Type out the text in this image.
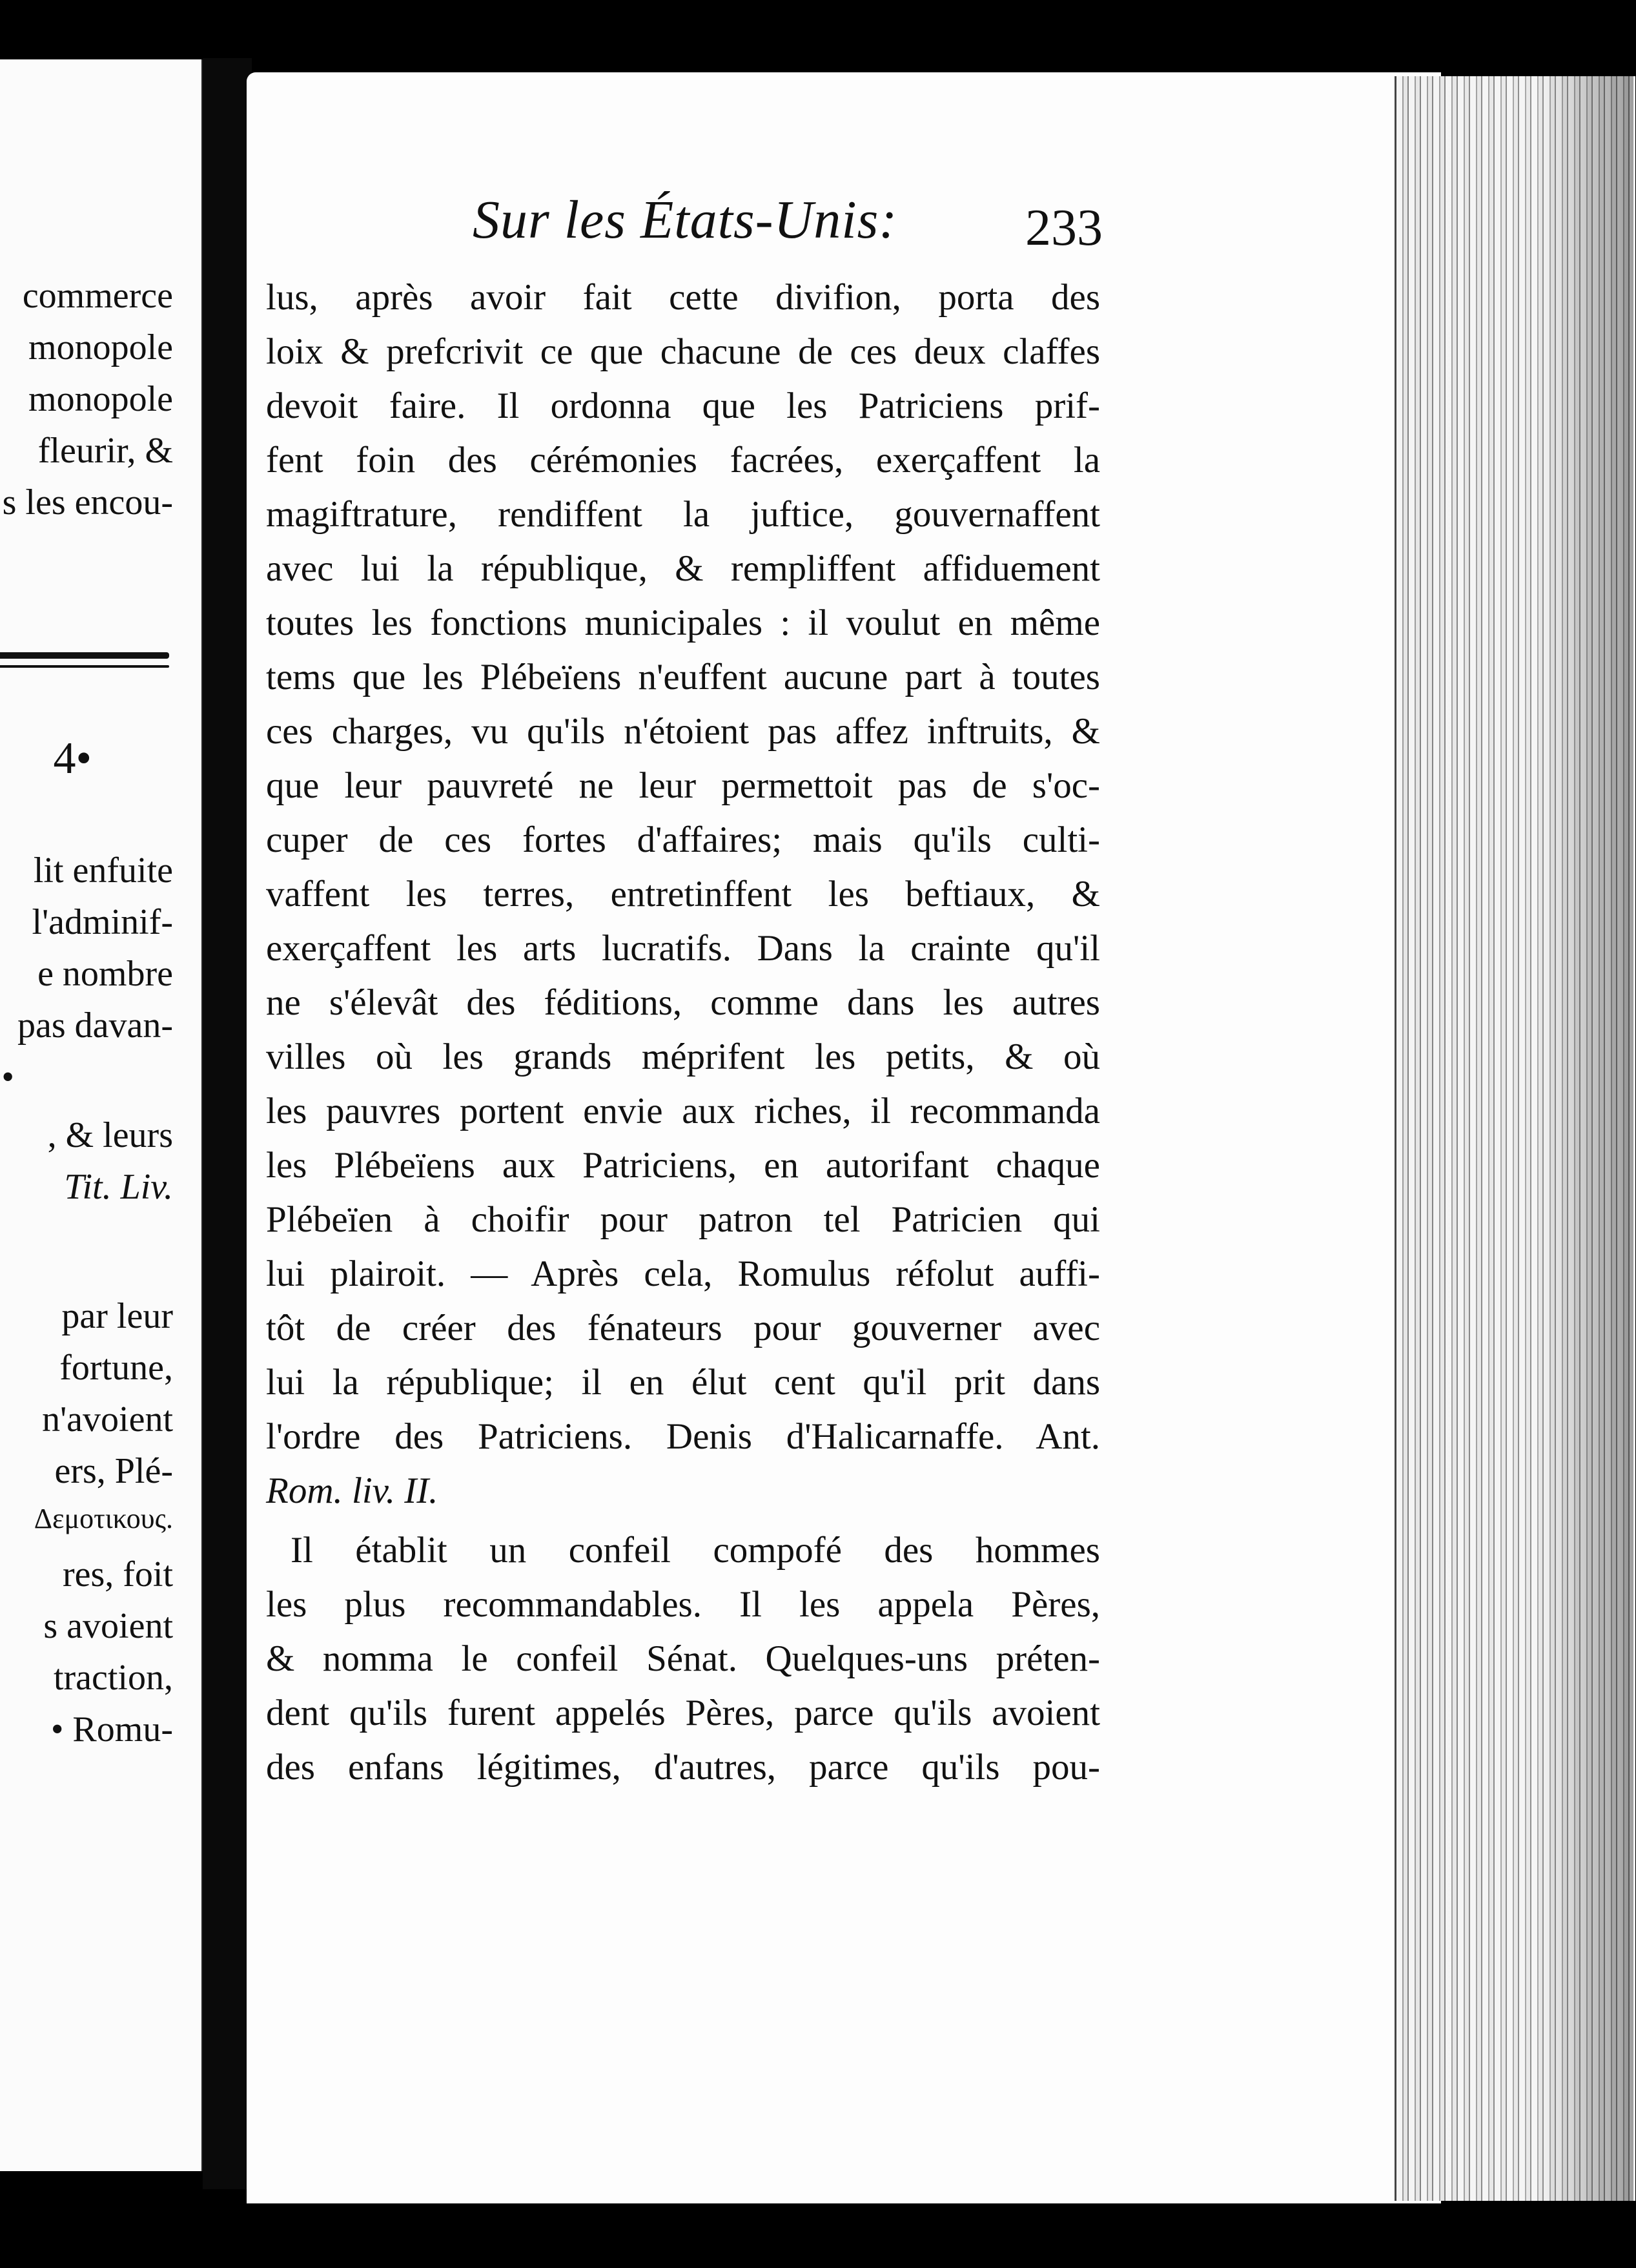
commerce
monopole
monopole
fleurir, &
s les encou-
4•
lit enfuite
l'adminif-
e nombre
pas davan-
•
, & leurs
Tit. Liv.
par leur
fortune,
n'avoient
ers, Plé-
Δεμοτικους.
res, foit
s avoient
traction,
• Romu-
Sur les États-Unis: 233
lus, après avoir fait cette divifion, porta des
loix & prefcrivit ce que chacune de ces deux claffes
devoit faire. Il ordonna que les Patriciens prif-
fent foin des cérémonies facrées, exerçaffent la
magiftrature, rendiffent la juftice, gouvernaffent
avec lui la république, & rempliffent affiduement
toutes les fonctions municipales : il voulut en même
tems que les Plébeïens n'euffent aucune part à toutes
ces charges, vu qu'ils n'étoient pas affez inftruits, &
que leur pauvreté ne leur permettoit pas de s'oc-
cuper de ces fortes d'affaires; mais qu'ils culti-
vaffent les terres, entretinffent les beftiaux, &
exerçaffent les arts lucratifs. Dans la crainte qu'il
ne s'élevât des féditions, comme dans les autres
villes où les grands méprifent les petits, & où
les pauvres portent envie aux riches, il recommanda
les Plébeïens aux Patriciens, en autorifant chaque
Plébeïen à choifir pour patron tel Patricien qui
lui plairoit. — Après cela, Romulus réfolut auffi-
tôt de créer des fénateurs pour gouverner avec
lui la république; il en élut cent qu'il prit dans
l'ordre des Patriciens. Denis d'Halicarnaffe. Ant.
Rom. liv. II.
Il établit un confeil compofé des hommes
les plus recommandables. Il les appela Pères,
& nomma le confeil Sénat. Quelques-uns préten-
dent qu'ils furent appelés Pères, parce qu'ils avoient
des enfans légitimes, d'autres, parce qu'ils pou-
